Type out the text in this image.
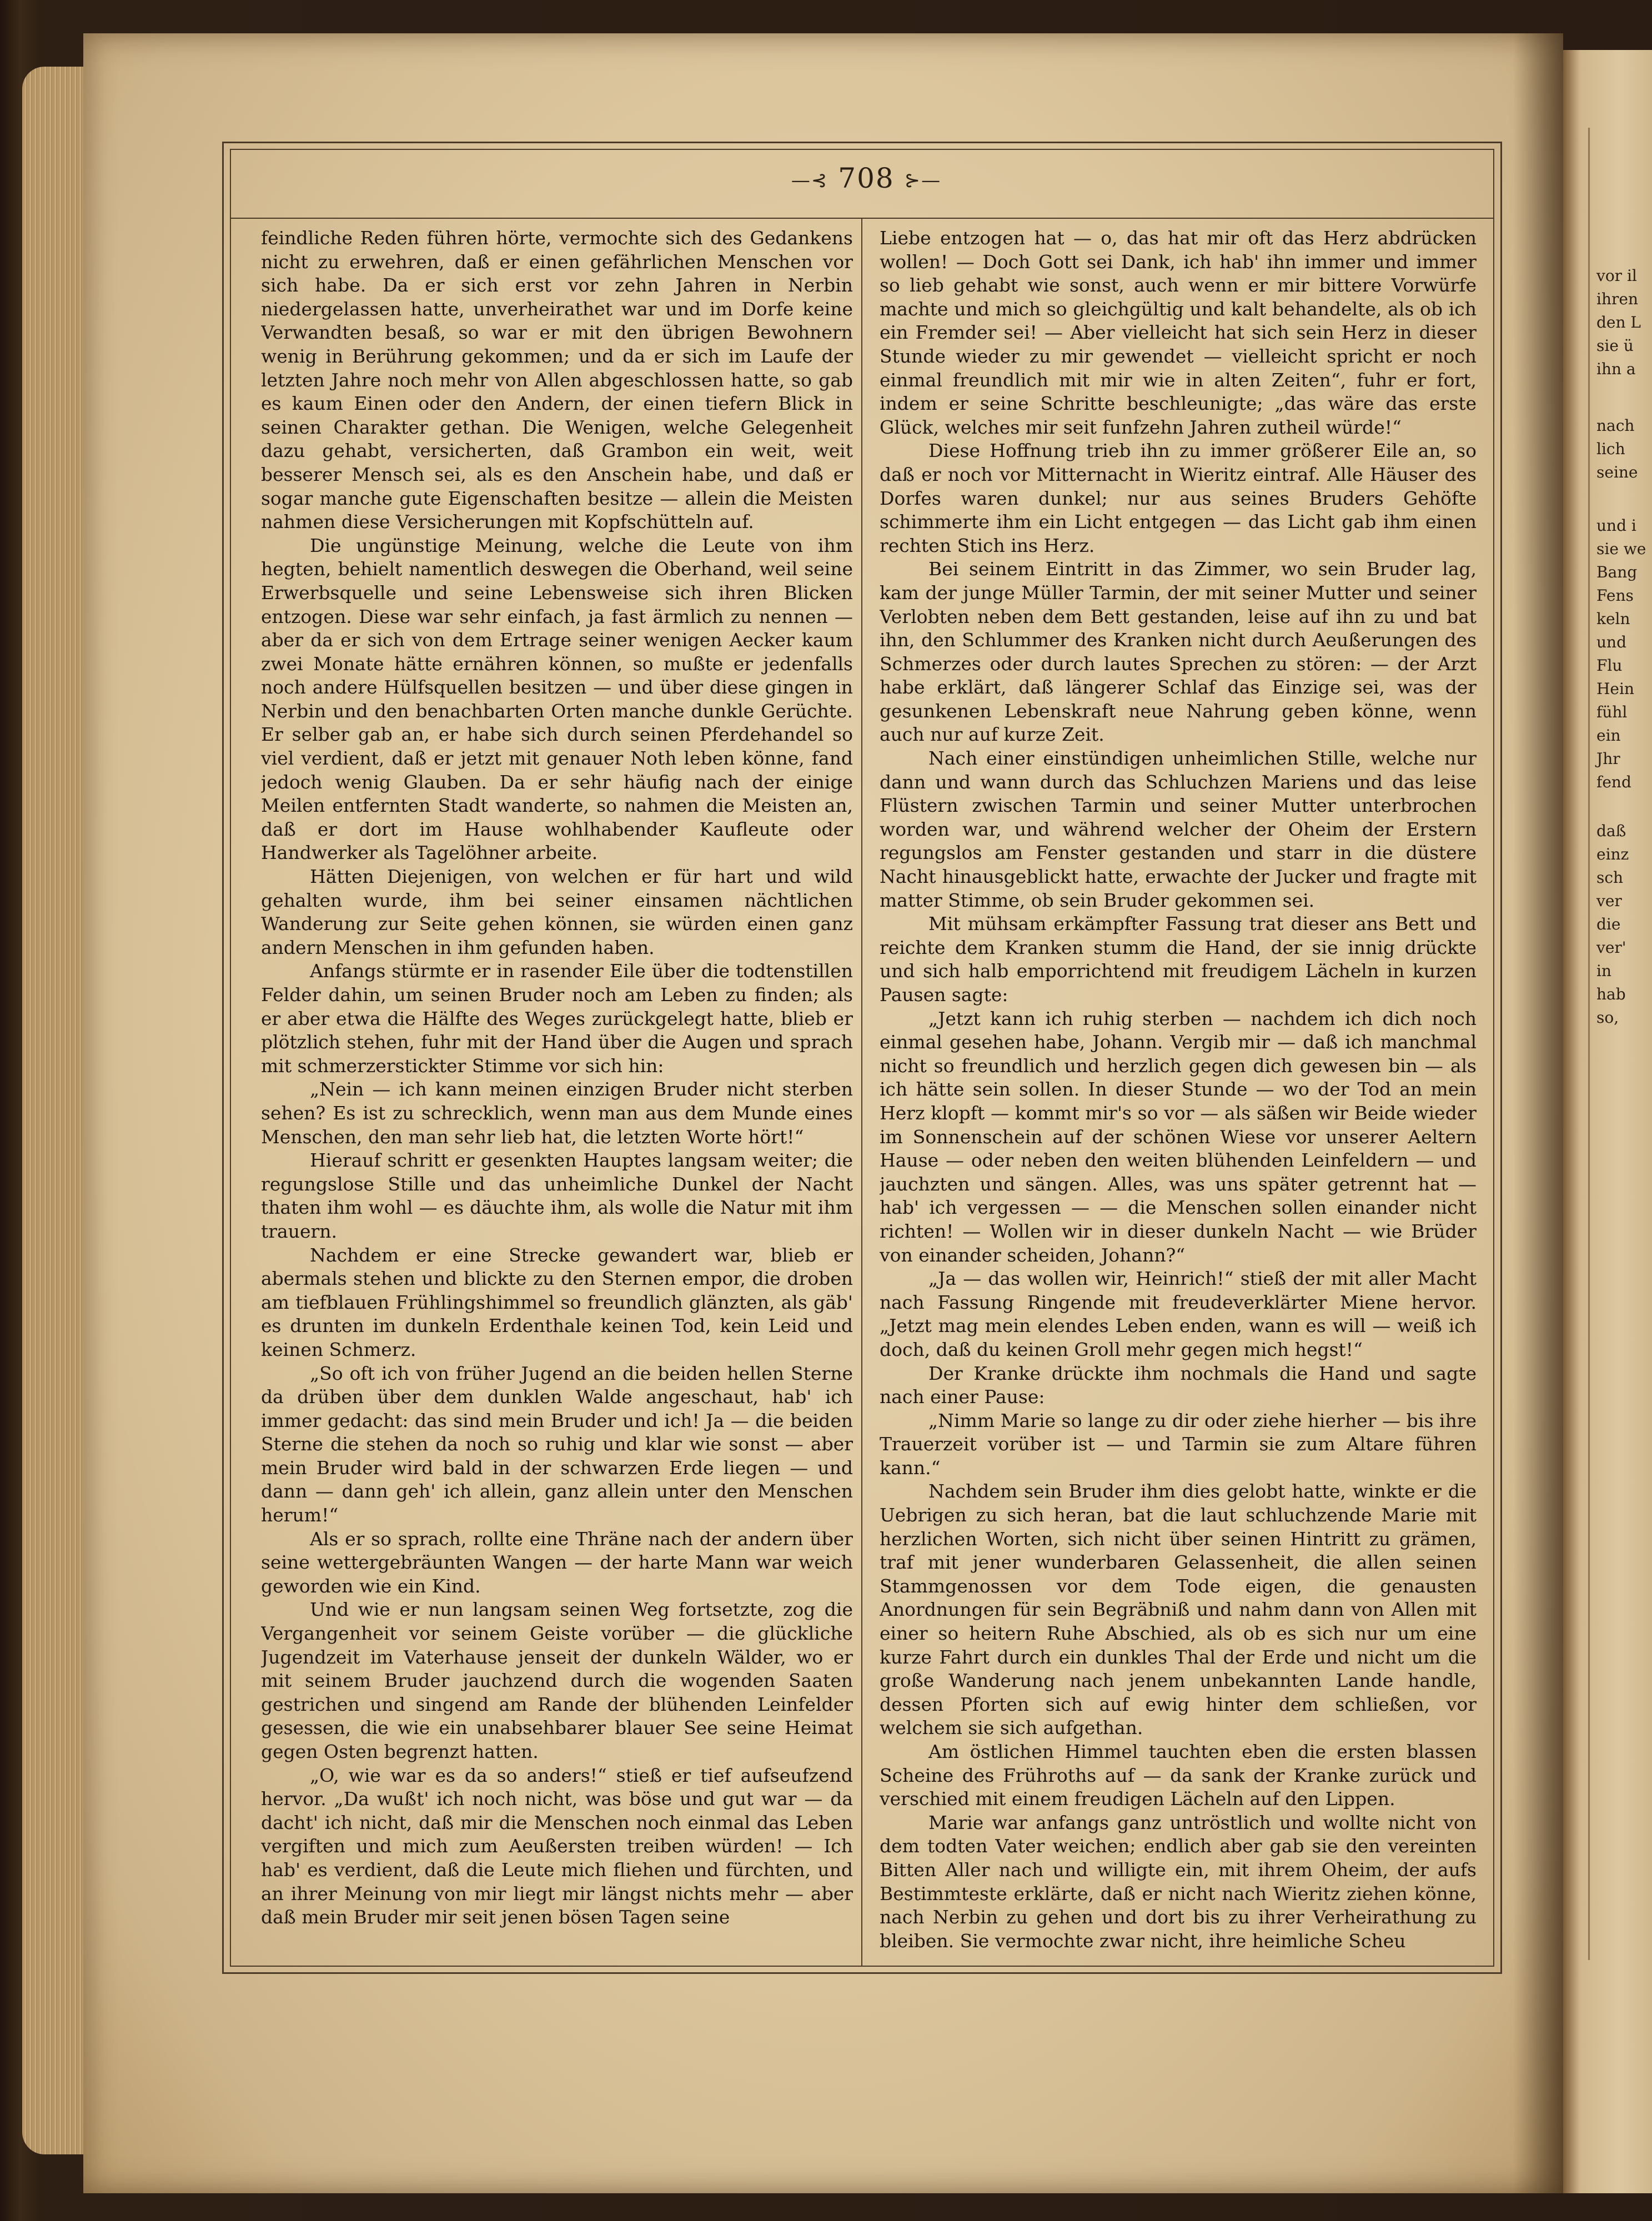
vor il
ihren
den L
sie ü
ihn a
nach
lich
seine
und i
sie we
Bang
Fens
keln
und
Flu
Hein
fühl
ein
Jhr
fend
daß
einz
sch
ver
die
ver'
in
hab
so,
—⊰ 708 ⊱—

feindliche Reden führen hörte, vermochte sich des Gedankens nicht zu erwehren, daß er einen gefährlichen Menschen vor sich habe. Da er sich erst vor zehn Jahren in Nerbin niedergelassen hatte, unverheirathet war und im Dorfe keine Verwandten besaß, so war er mit den übrigen Bewohnern wenig in Berührung gekommen; und da er sich im Laufe der letzten Jahre noch mehr von Allen abgeschlossen hatte, so gab es kaum Einen oder den Andern, der einen tiefern Blick in seinen Charakter gethan. Die Wenigen, welche Gelegenheit dazu gehabt, versicherten, daß Grambon ein weit, weit besserer Mensch sei, als es den Anschein habe, und daß er sogar manche gute Eigenschaften besitze — allein die Meisten nahmen diese Versicherungen mit Kopfschütteln auf.

Die ungünstige Meinung, welche die Leute von ihm hegten, behielt namentlich deswegen die Oberhand, weil seine Erwerbsquelle und seine Lebensweise sich ihren Blicken entzogen. Diese war sehr einfach, ja fast ärmlich zu nennen — aber da er sich von dem Ertrage seiner wenigen Aecker kaum zwei Monate hätte ernähren können, so mußte er jedenfalls noch andere Hülfsquellen besitzen — und über diese gingen in Nerbin und den benachbarten Orten manche dunkle Gerüchte. Er selber gab an, er habe sich durch seinen Pferdehandel so viel verdient, daß er jetzt mit genauer Noth leben könne, fand jedoch wenig Glauben. Da er sehr häufig nach der einige Meilen entfernten Stadt wanderte, so nahmen die Meisten an, daß er dort im Hause wohlhabender Kaufleute oder Handwerker als Tagelöhner arbeite.

Hätten Diejenigen, von welchen er für hart und wild gehalten wurde, ihm bei seiner einsamen nächtlichen Wanderung zur Seite gehen können, sie würden einen ganz andern Menschen in ihm gefunden haben.

Anfangs stürmte er in rasender Eile über die todtenstillen Felder dahin, um seinen Bruder noch am Leben zu finden; als er aber etwa die Hälfte des Weges zurückgelegt hatte, blieb er plötzlich stehen, fuhr mit der Hand über die Augen und sprach mit schmerzerstickter Stimme vor sich hin:

„Nein — ich kann meinen einzigen Bruder nicht sterben sehen? Es ist zu schrecklich, wenn man aus dem Munde eines Menschen, den man sehr lieb hat, die letzten Worte hört!“

Hierauf schritt er gesenkten Hauptes langsam weiter; die regungslose Stille und das unheimliche Dunkel der Nacht thaten ihm wohl — es däuchte ihm, als wolle die Natur mit ihm trauern.

Nachdem er eine Strecke gewandert war, blieb er abermals stehen und blickte zu den Sternen empor, die droben am tiefblauen Frühlingshimmel so freundlich glänzten, als gäb' es drunten im dunkeln Erdenthale keinen Tod, kein Leid und keinen Schmerz.

„So oft ich von früher Jugend an die beiden hellen Sterne da drüben über dem dunklen Walde angeschaut, hab' ich immer gedacht: das sind mein Bruder und ich! Ja — die beiden Sterne die stehen da noch so ruhig und klar wie sonst — aber mein Bruder wird bald in der schwarzen Erde liegen — und dann — dann geh' ich allein, ganz allein unter den Menschen herum!“

Als er so sprach, rollte eine Thräne nach der andern über seine wettergebräunten Wangen — der harte Mann war weich geworden wie ein Kind.

Und wie er nun langsam seinen Weg fortsetzte, zog die Vergangenheit vor seinem Geiste vorüber — die glückliche Jugendzeit im Vaterhause jenseit der dunkeln Wälder, wo er mit seinem Bruder jauchzend durch die wogenden Saaten gestrichen und singend am Rande der blühenden Leinfelder gesessen, die wie ein unabsehbarer blauer See seine Heimat gegen Osten begrenzt hatten.

„O, wie war es da so anders!“ stieß er tief aufseufzend hervor. „Da wußt' ich noch nicht, was böse und gut war — da dacht' ich nicht, daß mir die Menschen noch einmal das Leben vergiften und mich zum Aeußersten treiben würden! — Ich hab' es verdient, daß die Leute mich fliehen und fürchten, und an ihrer Meinung von mir liegt mir längst nichts mehr — aber daß mein Bruder mir seit jenen bösen Tagen seine

Liebe entzogen hat — o, das hat mir oft das Herz abdrücken wollen! — Doch Gott sei Dank, ich hab' ihn immer und immer so lieb gehabt wie sonst, auch wenn er mir bittere Vorwürfe machte und mich so gleichgültig und kalt behandelte, als ob ich ein Fremder sei! — Aber vielleicht hat sich sein Herz in dieser Stunde wieder zu mir gewendet — vielleicht spricht er noch einmal freundlich mit mir wie in alten Zeiten“, fuhr er fort, indem er seine Schritte beschleunigte; „das wäre das erste Glück, welches mir seit funfzehn Jahren zutheil würde!“

Diese Hoffnung trieb ihn zu immer größerer Eile an, so daß er noch vor Mitternacht in Wieritz eintraf. Alle Häuser des Dorfes waren dunkel; nur aus seines Bruders Gehöfte schimmerte ihm ein Licht entgegen — das Licht gab ihm einen rechten Stich ins Herz.

Bei seinem Eintritt in das Zimmer, wo sein Bruder lag, kam der junge Müller Tarmin, der mit seiner Mutter und seiner Verlobten neben dem Bett gestanden, leise auf ihn zu und bat ihn, den Schlummer des Kranken nicht durch Aeußerungen des Schmerzes oder durch lautes Sprechen zu stören: — der Arzt habe erklärt, daß längerer Schlaf das Einzige sei, was der gesunkenen Lebenskraft neue Nahrung geben könne, wenn auch nur auf kurze Zeit.

Nach einer einstündigen unheimlichen Stille, welche nur dann und wann durch das Schluchzen Mariens und das leise Flüstern zwischen Tarmin und seiner Mutter unterbrochen worden war, und während welcher der Oheim der Erstern regungslos am Fenster gestanden und starr in die düstere Nacht hinausgeblickt hatte, erwachte der Jucker und fragte mit matter Stimme, ob sein Bruder gekommen sei.

Mit mühsam erkämpfter Fassung trat dieser ans Bett und reichte dem Kranken stumm die Hand, der sie innig drückte und sich halb emporrichtend mit freudigem Lächeln in kurzen Pausen sagte:

„Jetzt kann ich ruhig sterben — nachdem ich dich noch einmal gesehen habe, Johann. Vergib mir — daß ich manchmal nicht so freundlich und herzlich gegen dich gewesen bin — als ich hätte sein sollen. In dieser Stunde — wo der Tod an mein Herz klopft — kommt mir's so vor — als säßen wir Beide wieder im Sonnenschein auf der schönen Wiese vor unserer Aeltern Hause — oder neben den weiten blühenden Leinfeldern — und jauchzten und sängen. Alles, was uns später getrennt hat — hab' ich vergessen — — die Menschen sollen einander nicht richten! — Wollen wir in dieser dunkeln Nacht — wie Brüder von einander scheiden, Johann?“

„Ja — das wollen wir, Heinrich!“ stieß der mit aller Macht nach Fassung Ringende mit freudeverklärter Miene hervor. „Jetzt mag mein elendes Leben enden, wann es will — weiß ich doch, daß du keinen Groll mehr gegen mich hegst!“

Der Kranke drückte ihm nochmals die Hand und sagte nach einer Pause:

„Nimm Marie so lange zu dir oder ziehe hierher — bis ihre Trauerzeit vorüber ist — und Tarmin sie zum Altare führen kann.“

Nachdem sein Bruder ihm dies gelobt hatte, winkte er die Uebrigen zu sich heran, bat die laut schluchzende Marie mit herzlichen Worten, sich nicht über seinen Hintritt zu grämen, traf mit jener wunderbaren Gelassenheit, die allen seinen Stammgenossen vor dem Tode eigen, die genausten Anordnungen für sein Begräbniß und nahm dann von Allen mit einer so heitern Ruhe Abschied, als ob es sich nur um eine kurze Fahrt durch ein dunkles Thal der Erde und nicht um die große Wanderung nach jenem unbekannten Lande handle, dessen Pforten sich auf ewig hinter dem schließen, vor welchem sie sich aufgethan.

Am östlichen Himmel tauchten eben die ersten blassen Scheine des Frühroths auf — da sank der Kranke zurück und verschied mit einem freudigen Lächeln auf den Lippen.

Marie war anfangs ganz untröstlich und wollte nicht von dem todten Vater weichen; endlich aber gab sie den vereinten Bitten Aller nach und willigte ein, mit ihrem Oheim, der aufs Bestimmteste erklärte, daß er nicht nach Wieritz ziehen könne, nach Nerbin zu gehen und dort bis zu ihrer Verheirathung zu bleiben. Sie vermochte zwar nicht, ihre heimliche Scheu
